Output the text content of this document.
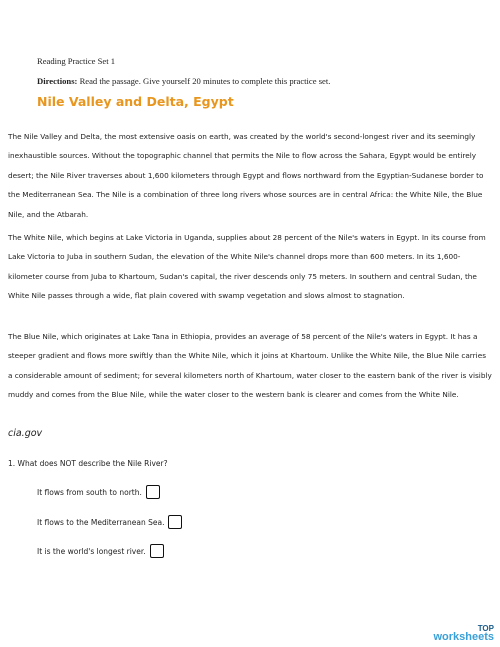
Reading Practice Set 1
Directions: Read the passage. Give yourself 20 minutes to complete this practice set.
Nile Valley and Delta, Egypt

The Nile Valley and Delta, the most extensive oasis on earth, was created by the world's second-longest river and its seemingly inexhaustible sources. Without the topographic channel that permits the Nile to flow across the Sahara, Egypt would be entirely desert; the Nile River traverses about 1,600 kilometers through Egypt and flows northward from the Egyptian-Sudanese border to the Mediterranean Sea. The Nile is a combination of three long rivers whose sources are in central Africa: the White Nile, the Blue Nile, and the Atbarah.

The White Nile, which begins at Lake Victoria in Uganda, supplies about 28 percent of the Nile's waters in Egypt. In its course from Lake Victoria to Juba in southern Sudan, the elevation of the White Nile's channel drops more than 600 meters. In its 1,600-kilometer course from Juba to Khartoum, Sudan's capital, the river descends only 75 meters. In southern and central Sudan, the White Nile passes through a wide, flat plain covered with swamp vegetation and slows almost to stagnation.

The Blue Nile, which originates at Lake Tana in Ethiopia, provides an average of 58 percent of the Nile's waters in Egypt. It has a steeper gradient and flows more swiftly than the White Nile, which it joins at Khartoum. Unlike the White Nile, the Blue Nile carries a considerable amount of sediment; for several kilometers north of Khartoum, water closer to the eastern bank of the river is visibly muddy and comes from the Blue Nile, while the water closer to the western bank is clearer and comes from the White Nile.

cia.gov
1. What does NOT describe the Nile River?
It flows from south to north.
It flows to the Mediterranean Sea.
It is the world's longest river.
TOP
worksheets
